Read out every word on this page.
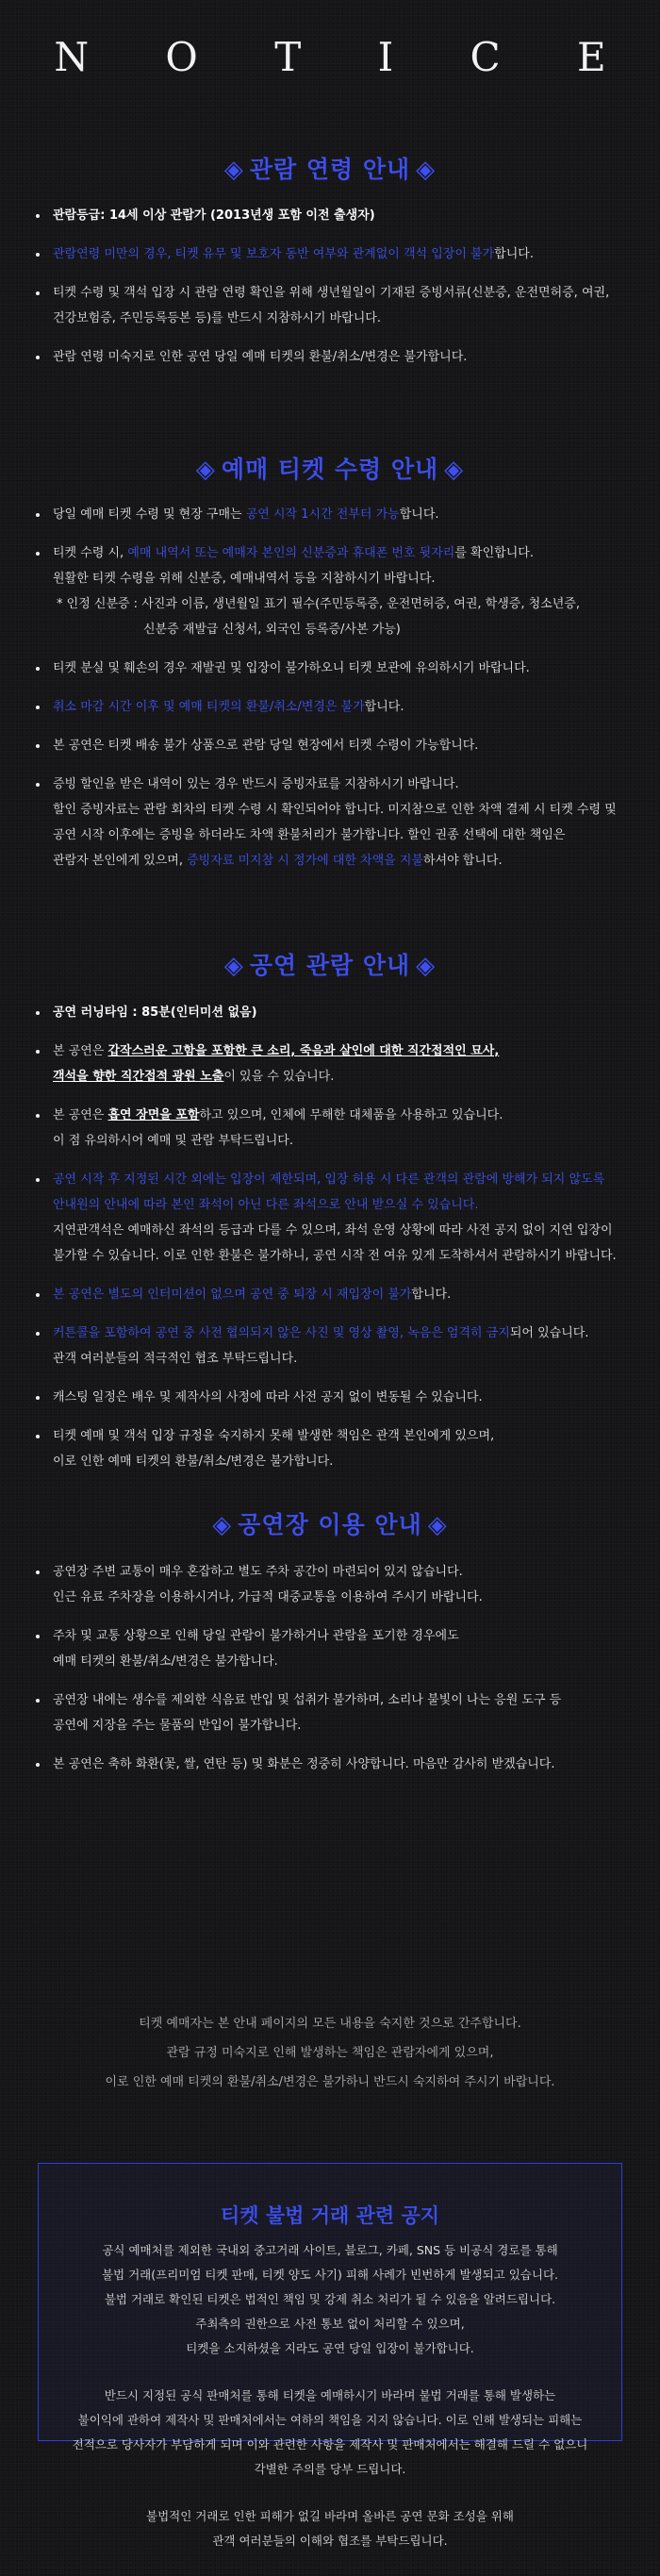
N O T I C E
◈ 관람 연령 안내 ◈
관람등급: 14세 이상 관람가 (2013년생 포함 이전 출생자)
관람연령 미만의 경우, 티켓 유무 및 보호자 동반 여부와 관계없이 객석 입장이 불가합니다.
티켓 수령 및 객석 입장 시 관람 연령 확인을 위해 생년월일이 기재된 증빙서류(신분증, 운전면허증, 여권,
건강보험증, 주민등록등본 등)를 반드시 지참하시기 바랍니다.
관람 연령 미숙지로 인한 공연 당일 예매 티켓의 환불/취소/변경은 불가합니다.
◈ 예매 티켓 수령 안내 ◈
당일 예매 티켓 수령 및 현장 구매는 공연 시작 1시간 전부터 가능합니다.
티켓 수령 시, 예매 내역서 또는 예매자 본인의 신분증과 휴대폰 번호 뒷자리를 확인합니다.
원활한 티켓 수령을 위해 신분증, 예매내역서 등을 지참하시기 바랍니다.

* 인정 신분증 : 사진과 이름, 생년월일 표기 필수(주민등록증, 운전면허증, 여권, 학생증, 청소년증,
신분증 재발급 신청서, 외국인 등록증/사본 가능)
티켓 분실 및 훼손의 경우 재발권 및 입장이 불가하오니 티켓 보관에 유의하시기 바랍니다.
취소 마감 시간 이후 및 예매 티켓의 환불/취소/변경은 불가합니다.
본 공연은 티켓 배송 불가 상품으로 관람 당일 현장에서 티켓 수령이 가능합니다.
증빙 할인을 받은 내역이 있는 경우 반드시 증빙자료를 지참하시기 바랍니다.
할인 증빙자료는 관람 회차의 티켓 수령 시 확인되어야 합니다. 미지참으로 인한 차액 결제 시 티켓 수령 및
공연 시작 이후에는 증빙을 하더라도 차액 환불처리가 불가합니다. 할인 권종 선택에 대한 책임은
관람자 본인에게 있으며, 증빙자료 미지참 시 정가에 대한 차액을 지불하셔야 합니다.
◈ 공연 관람 안내 ◈
공연 러닝타임 : 85분(인터미션 없음)
본 공연은 갑작스러운 고함을 포함한 큰 소리, 죽음과 살인에 대한 직간접적인 묘사,
객석을 향한 직간접적 광원 노출이 있을 수 있습니다.
본 공연은 흡연 장면을 포함하고 있으며, 인체에 무해한 대체품을 사용하고 있습니다.
이 점 유의하시어 예매 및 관람 부탁드립니다.
공연 시작 후 지정된 시간 외에는 입장이 제한되며, 입장 허용 시 다른 관객의 관람에 방해가 되지 않도록
안내원의 안내에 따라 본인 좌석이 아닌 다른 좌석으로 안내 받으실 수 있습니다.
지연관객석은 예매하신 좌석의 등급과 다를 수 있으며, 좌석 운영 상황에 따라 사전 공지 없이 지연 입장이
불가할 수 있습니다. 이로 인한 환불은 불가하니, 공연 시작 전 여유 있게 도착하셔서 관람하시기 바랍니다.
본 공연은 별도의 인터미션이 없으며 공연 중 퇴장 시 재입장이 불가합니다.
커튼콜을 포함하여 공연 중 사전 협의되지 않은 사진 및 영상 촬영, 녹음은 엄격히 금지되어 있습니다.
관객 여러분들의 적극적인 협조 부탁드립니다.
캐스팅 일정은 배우 및 제작사의 사정에 따라 사전 공지 없이 변동될 수 있습니다.
티켓 예매 및 객석 입장 규정을 숙지하지 못해 발생한 책임은 관객 본인에게 있으며,
이로 인한 예매 티켓의 환불/취소/변경은 불가합니다.
◈ 공연장 이용 안내 ◈
공연장 주변 교통이 매우 혼잡하고 별도 주차 공간이 마련되어 있지 않습니다.
인근 유료 주차장을 이용하시거나, 가급적 대중교통을 이용하여 주시기 바랍니다.
주차 및 교통 상황으로 인해 당일 관람이 불가하거나 관람을 포기한 경우에도
예매 티켓의 환불/취소/변경은 불가합니다.
공연장 내에는 생수를 제외한 식음료 반입 및 섭취가 불가하며, 소리나 불빛이 나는 응원 도구 등
공연에 지장을 주는 물품의 반입이 불가합니다.
본 공연은 축하 화환(꽃, 쌀, 연탄 등) 및 화분은 정중히 사양합니다. 마음만 감사히 받겠습니다.
티켓 예매자는 본 안내 페이지의 모든 내용을 숙지한 것으로 간주합니다.
관람 규정 미숙지로 인해 발생하는 책임은 관람자에게 있으며,
이로 인한 예매 티켓의 환불/취소/변경은 불가하니 반드시 숙지하여 주시기 바랍니다.
티켓 불법 거래 관련 공지

공식 예매처를 제외한 국내외 중고거래 사이트, 블로그, 카페, SNS 등 비공식 경로를 통해
불법 거래(프리미엄 티켓 판매, 티켓 양도 사기) 피해 사례가 빈번하게 발생되고 있습니다.
불법 거래로 확인된 티켓은 법적인 책임 및 강제 취소 처리가 될 수 있음을 알려드립니다.
주최측의 권한으로 사전 통보 없이 처리할 수 있으며,
티켓을 소지하셨을 지라도 공연 당일 입장이 불가합니다.

반드시 지정된 공식 판매처를 통해 티켓을 예매하시기 바라며 불법 거래를 통해 발생하는
불이익에 관하여 제작사 및 판매처에서는 여하의 책임을 지지 않습니다. 이로 인해 발생되는 피해는
전적으로 당사자가 부담하게 되며 이와 관련한 사항을 제작사 및 판매처에서는 해결해 드릴 수 없으니
각별한 주의를 당부 드립니다.

불법적인 거래로 인한 피해가 없길 바라며 올바른 공연 문화 조성을 위해
관객 여러분들의 이해와 협조를 부탁드립니다.
